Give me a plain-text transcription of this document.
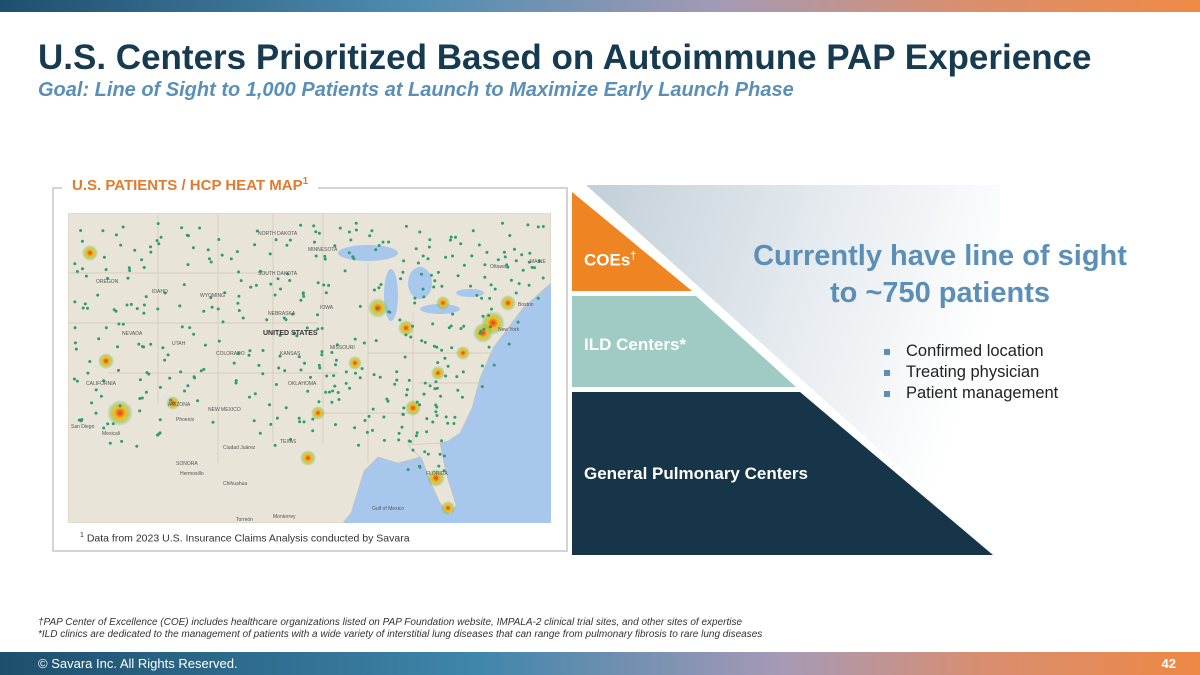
U.S. Centers Prioritized Based on Autoimmune PAP Experience
Goal: Line of Sight to 1,000 Patients at Launch to Maximize Early Launch Phase
U.S. PATIENTS / HCP HEAT MAP$^1$
NORTH DAKOTA
MINNESOTA
SOUTH DAKOTA
OREGON
IDAHO
WYOMING
NEBRASKA
IOWA
NEVADA
UTAH
COLORADO	KANSAS
MISSOURI
CALIFORNIA
ARIZONA
NEW MEXICO
OKLAHOMA
TEXAS
Ottawa
MAINE
Boston
New York
San Diego
Mexicali
Phoenix
Ciudad Juárez
SONORA
Hermosillo
Chihuahua
Monterrey
Gulf of Mexico
Torreón
FLORIDA
UNITED STATES
$^1$ Data from 2023 U.S. Insurance Claims Analysis conducted by Savara
COEs†
ILD Centers*
General Pulmonary Centers
Currently have line of sight
to ~750 patients
Confirmed location
Treating physician
Patient management
†PAP Center of Excellence (COE) includes healthcare organizations listed on PAP Foundation website, IMPALA-2 clinical trial sites, and other sites of expertise
*ILD clinics are dedicated to the management of patients with a wide variety of interstitial lung diseases that can range from pulmonary fibrosis to rare lung diseases
© Savara Inc. All Rights Reserved.	42
